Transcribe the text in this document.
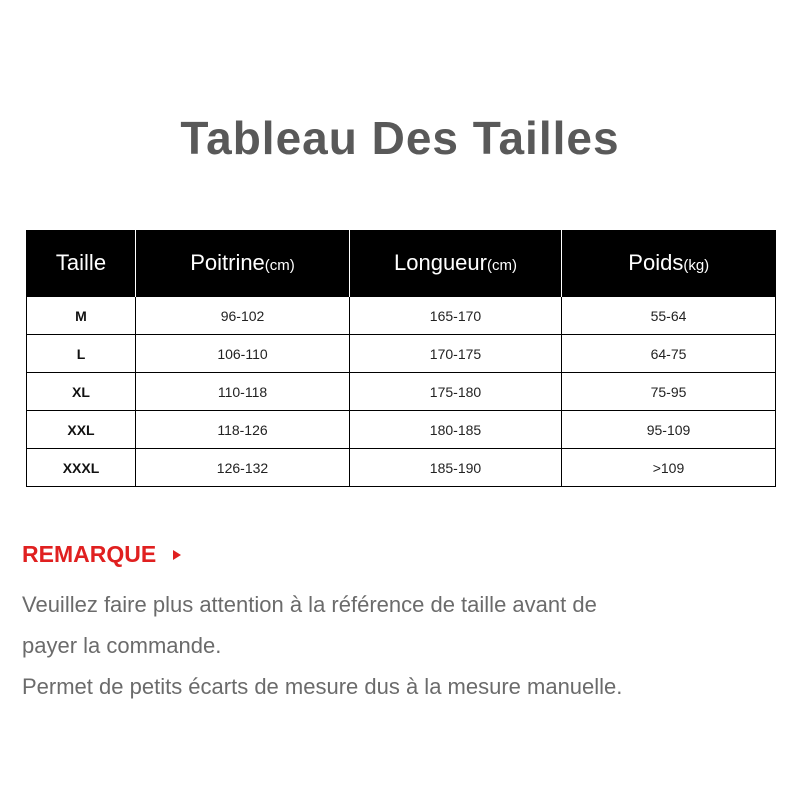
Tableau Des Tailles
Taille	Poitrine(cm)	Longueur(cm)	Poids(kg)
M	96-102	165-170	55-64
L	106-110	170-175	64-75
XL	110-118	175-180	75-95
XXL	118-126	180-185	95-109
XXXL	126-132	185-190	>109
REMARQUE

Veuillez faire plus attention à la référence de taille avant de

payer la commande.

Permet de petits écarts de mesure dus à la mesure manuelle.
